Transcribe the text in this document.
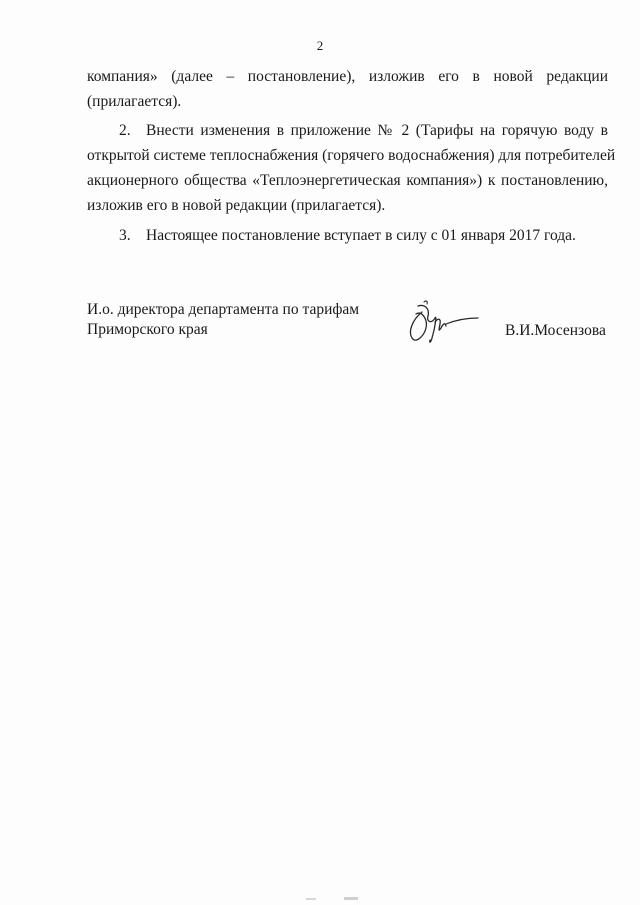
2
компания» (далее – постановление), изложив его в новой редакции
(прилагается).
2. Внести изменения в приложение № 2 (Тарифы на горячую воду в
открытой системе теплоснабжения (горячего водоснабжения) для потребителей
акционерного общества «Теплоэнергетическая компания») к постановлению,
изложив его в новой редакции (прилагается).
3. Настоящее постановление вступает в силу с 01 января 2017 года.
И.о. директора департамента по тарифам
Приморского края	В.И.Мосензова
